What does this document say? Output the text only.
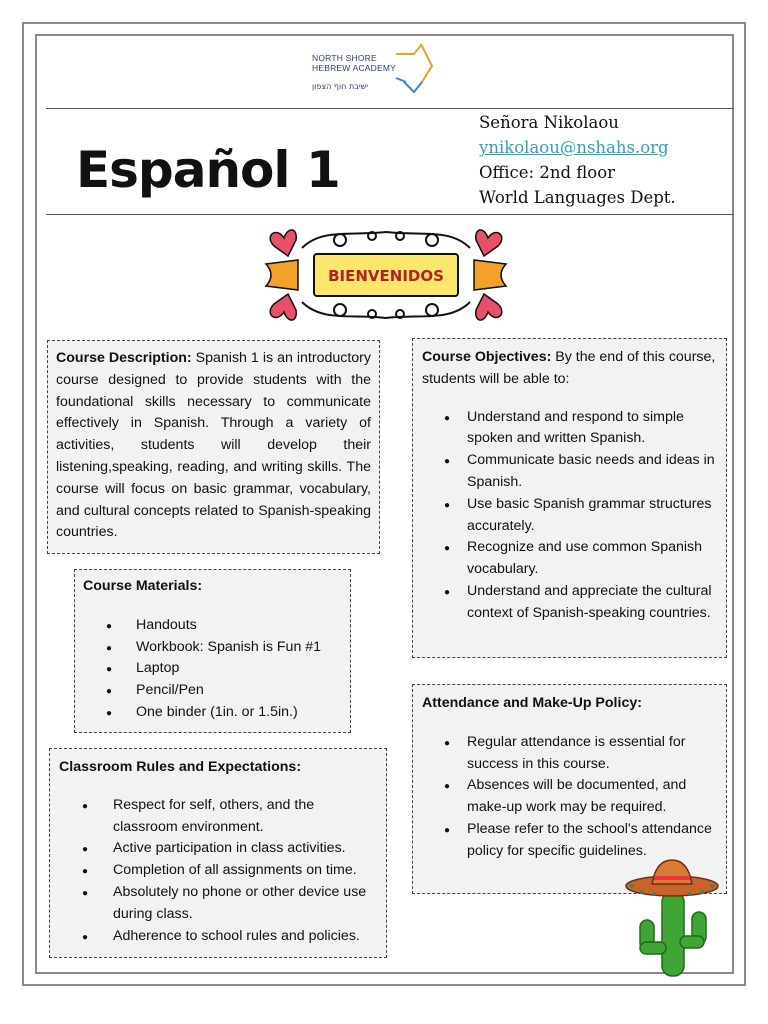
NORTH SHORE
HEBREW ACADEMY
ישיבת חוף הצפון
Español 1
Señora Nikolaou
ynikolaou@nshahs.org
Office: 2nd floor
World Languages Dept.
BIENVENIDOS

Course Description: Spanish 1 is an introductory course designed to provide students with the foundational skills necessary to communicate effectively in Spanish. Through a variety of activities, students will develop their listening,speaking, reading, and writing skills. The course will focus on basic grammar, vocabulary, and cultural concepts related to Spanish-speaking countries.

Course Materials:

● Handouts
● Workbook: Spanish is Fun #1
● Laptop
● Pencil/Pen
● One binder (1in. or 1.5in.)

Classroom Rules and Expectations:

● Respect for self, others, and the classroom environment.
● Active participation in class activities.
● Completion of all assignments on time.
● Absolutely no phone or other device use during class.
● Adherence to school rules and policies.

Course Objectives: By the end of this course, students will be able to:

● Understand and respond to simple spoken and written Spanish.
● Communicate basic needs and ideas in Spanish.
● Use basic Spanish grammar structures accurately.
● Recognize and use common Spanish vocabulary.
● Understand and appreciate the cultural context of Spanish-speaking countries.

Attendance and Make-Up Policy:

● Regular attendance is essential for success in this course.
● Absences will be documented, and make-up work may be required.
● Please refer to the school's attendance policy for specific guidelines.
